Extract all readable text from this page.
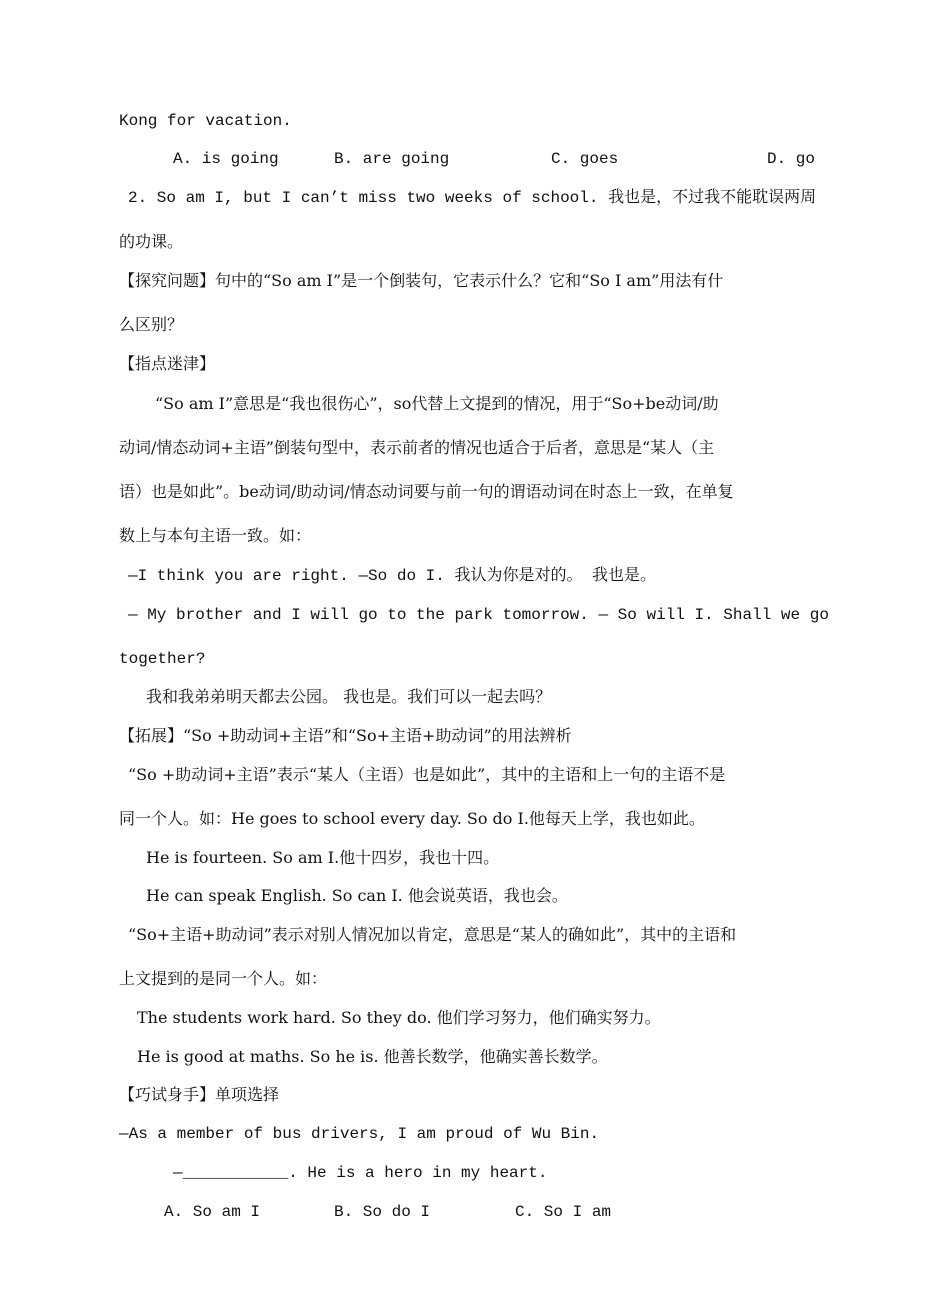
Kong for vacation.
A. is going	B. are going	C. goes	D. go
2. So am I, but I can’t miss two weeks of school. 我也是，不过我不能耽误两周
的功课。
【探究问题】句中的“So am I”是一个倒装句，它表示什么？它和“So I am”用法有什
么区别？
【指点迷津】
“So am I”意思是“我也很伤心”，so代替上文提到的情况，用于“So+be动词/助
动词/情态动词+主语”倒装句型中，表示前者的情况也适合于后者，意思是“某人（主
语）也是如此”。be动词/助动词/情态动词要与前一句的谓语动词在时态上一致，在单复
数上与本句主语一致。如：
—I think you are right. —So do I. 我认为你是对的。 我也是。
— My brother and I will go to the park tomorrow. — So will I. Shall we go
together?
我和我弟弟明天都去公园。 我也是。我们可以一起去吗？
【拓展】“So +助动词+主语”和“So+主语+助动词”的用法辨析
“So +助动词+主语”表示“某人（主语）也是如此”，其中的主语和上一句的主语不是
同一个人。如：He goes to school every day. So do I.他每天上学，我也如此。
He is fourteen. So am I.他十四岁，我也十四。
He can speak English. So can I. 他会说英语，我也会。
“So+主语+助动词”表示对别人情况加以肯定，意思是“某人的确如此”，其中的主语和
上文提到的是同一个人。如：
The students work hard. So they do. 他们学习努力，他们确实努力。
He is good at maths. So he is. 他善长数学，他确实善长数学。
【巧试身手】单项选择
—As a member of bus drivers, I am proud of Wu Bin.
—___________. He is a hero in my heart.
A. So am I	B. So do I	C. So I am
